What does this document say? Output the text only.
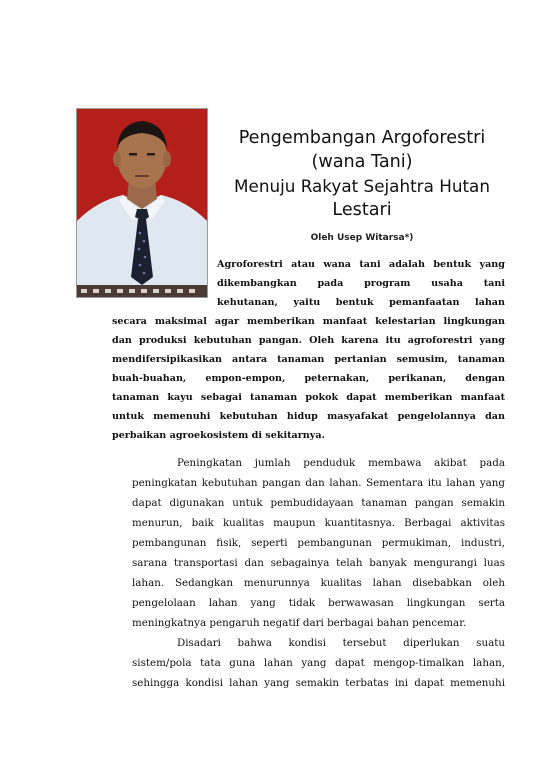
Pengembangan Argoforestri
(wana Tani)
Menuju Rakyat Sejahtra Hutan
Lestari
Oleh Usep Witarsa*)
Agroforestri atau wana tani adalah bentuk yang
dikembangkan pada program usaha tani
kehutanan, yaitu bentuk pemanfaatan lahan
secara maksimal agar memberikan manfaat kelestarian lingkungan
dan produksi kebutuhan pangan. Oleh karena itu agroforestri yang
mendifersipikasikan antara tanaman pertanian semusim, tanaman
buah-buahan, empon-empon, peternakan, perikanan, dengan
tanaman kayu sebagai tanaman pokok dapat memberikan manfaat
untuk memenuhi kebutuhan hidup masyafakat pengelolannya dan
perbaikan agroekosistem di sekitarnya.
Peningkatan jumlah penduduk membawa akibat pada
peningkatan kebutuhan pangan dan lahan. Sementara itu lahan yang
dapat digunakan untuk pembudidayaan tanaman pangan semakin
menurun, baik kualitas maupun kuantitasnya. Berbagai aktivitas
pembangunan fisik, seperti pembangunan permukiman, industri,
sarana transportasi dan sebagainya telah banyak mengurangi luas
lahan. Sedangkan menurunnya kualitas lahan disebabkan oleh
pengelolaan lahan yang tidak berwawasan lingkungan serta
meningkatnya pengaruh negatif dari berbagai bahan pencemar.
Disadari bahwa kondisi tersebut diperlukan suatu
sistem/pola tata guna lahan yang dapat mengop-timalkan lahan,
sehingga kondisi lahan yang semakin terbatas ini dapat memenuhi
